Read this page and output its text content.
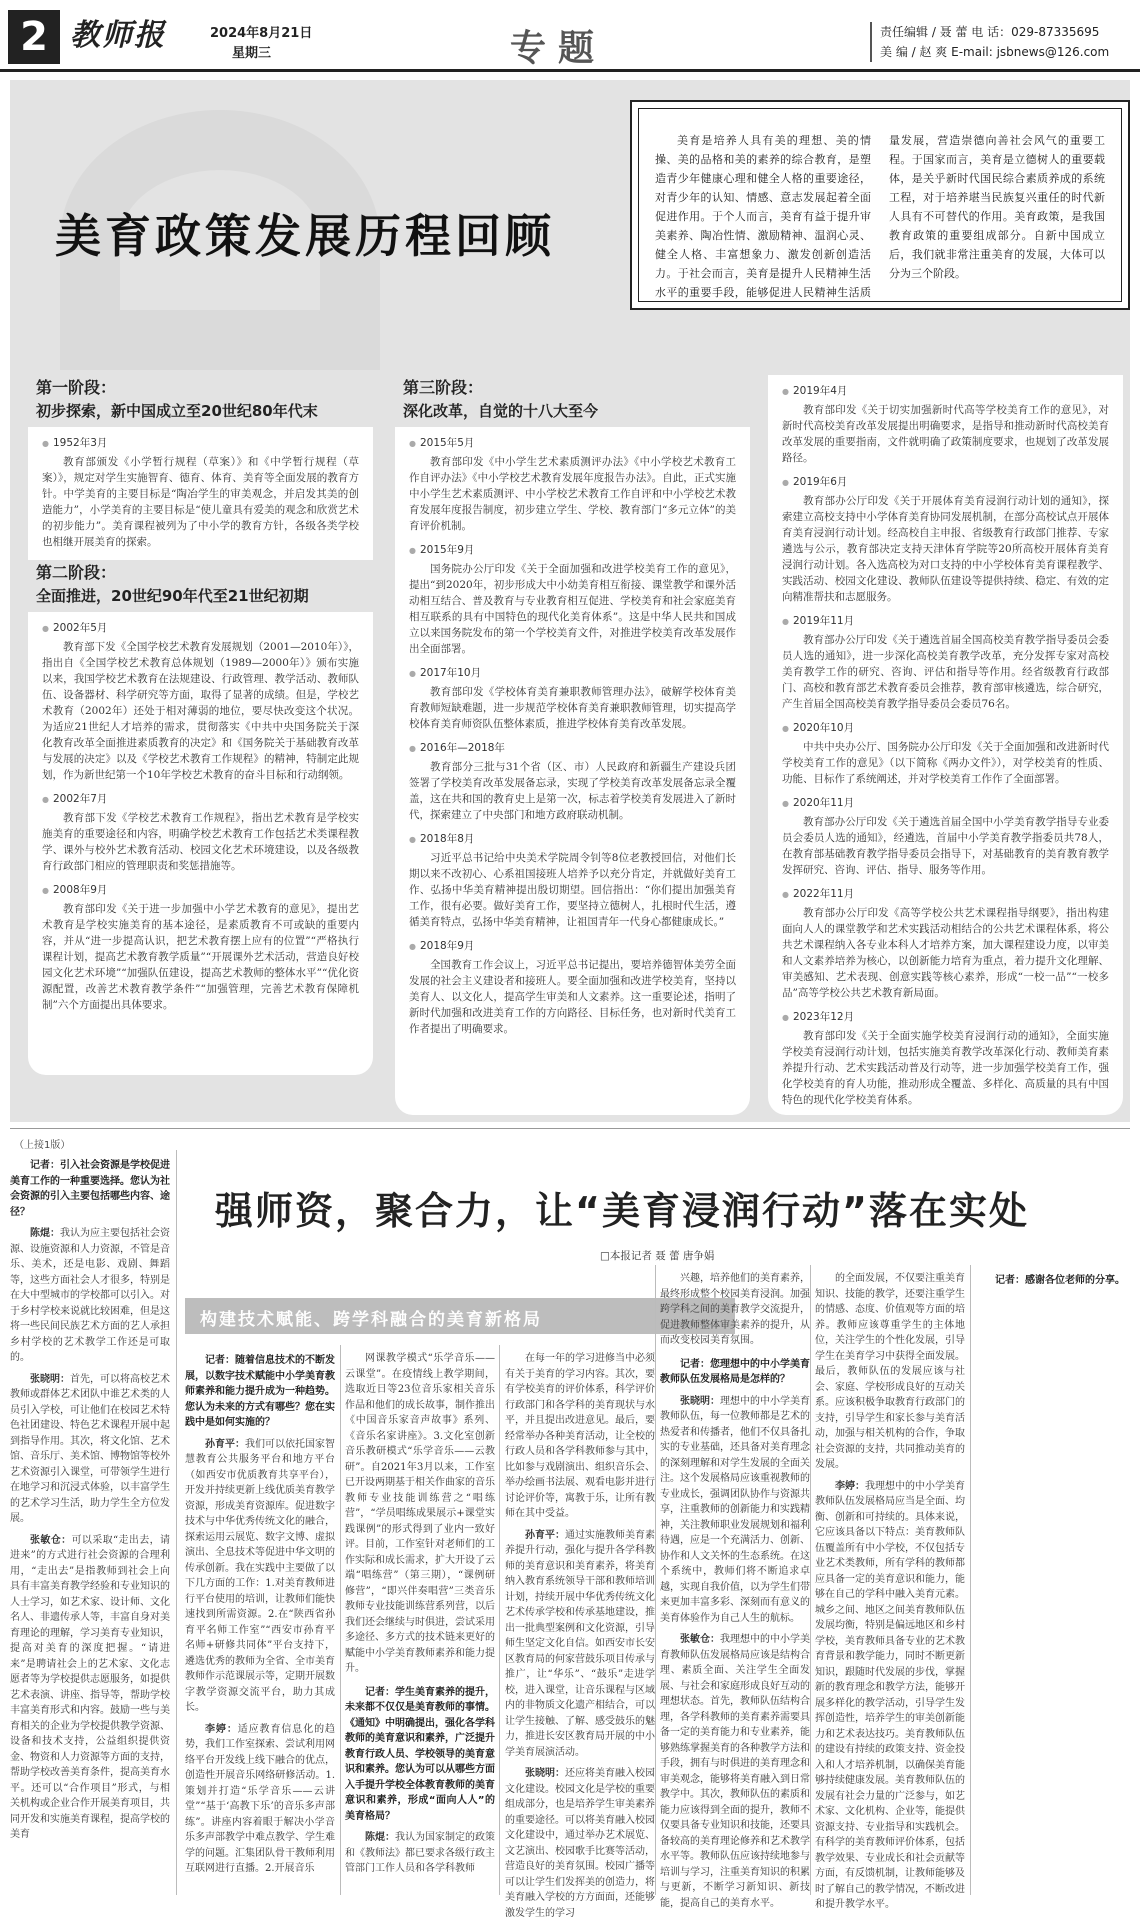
2 教师报	2024年8月21日
星期三	专题	责任编辑 / 聂 蕾 电 话：029-87335695
美 编 / 赵 爽 E-mail: jsbnews@126.com
美育政策发展历程回顾
美育是培养人具有美的理想、美的情操、美的品格和美的素养的综合教育，是塑造青少年健康心理和健全人格的重要途径，对青少年的认知、情感、意志发展起着全面促进作用。于个人而言，美育有益于提升审美素养、陶冶性情、激励精神、温润心灵、健全人格、丰富想象力、激发创新创造活力。于社会而言，美育是提升人民精神生活水平的重要手段，能够促进人民精神生活质量发展，营造崇德向善社会风气的重要工程。于国家而言，美育是立德树人的重要载体，是关乎新时代国民综合素质养成的系统工程，对于培养堪当民族复兴重任的时代新人具有不可替代的作用。美育政策，是我国教育政策的重要组成部分。自新中国成立后，我们就非常注重美育的发展，大体可以分为三个阶段。
第一阶段：
初步探索，新中国成立至20世纪80年代末
● 1952年3月
教育部颁发《小学暂行规程（草案）》和《中学暂行规程（草案）》，规定对学生实施智育、德育、体育、美育等全面发展的教育方针。中学美育的主要目标是“陶冶学生的审美观念，并启发其美的创造能力”，小学美育的主要目标是“使儿童具有爱美的观念和欣赏艺术的初步能力”。美育课程被列为了中小学的教育方针，各级各类学校也相继开展美育的探索。
第二阶段：
全面推进，20世纪90年代至21世纪初期
● 2002年5月
教育部下发《全国学校艺术教育发展规划（2001—2010年）》，指出自《全国学校艺术教育总体规划（1989—2000年）》颁布实施以来，我国学校艺术教育在法规建设、行政管理、教学活动、教师队伍、设备器材、科学研究等方面，取得了显著的成绩。但是，学校艺术教育（2002年）还处于相对薄弱的地位，要尽快改变这个状况。为适应21世纪人才培养的需求，贯彻落实《中共中央国务院关于深化教育改革全面推进素质教育的决定》和《国务院关于基础教育改革与发展的决定》以及《学校艺术教育工作规程》的精神，特制定此规划，作为新世纪第一个10年学校艺术教育的奋斗目标和行动纲领。
● 2002年7月
教育部下发《学校艺术教育工作规程》，指出艺术教育是学校实施美育的重要途径和内容，明确学校艺术教育工作包括艺术类课程教学、课外与校外艺术教育活动、校园文化艺术环境建设，以及各级教育行政部门相应的管理职责和奖惩措施等。
● 2008年9月
教育部印发《关于进一步加强中小学艺术教育的意见》，提出艺术教育是学校实施美育的基本途径，是素质教育不可或缺的重要内容，并从“进一步提高认识，把艺术教育摆上应有的位置”“严格执行课程计划，提高艺术教育教学质量”“开展课外艺术活动，营造良好校园文化艺术环境”“加强队伍建设，提高艺术教师的整体水平”“优化资源配置，改善艺术教育教学条件”“加强管理，完善艺术教育保障机制”六个方面提出具体要求。
第三阶段：
深化改革，自觉的十八大至今
● 2015年5月
教育部印发《中小学生艺术素质测评办法》《中小学校艺术教育工作自评办法》《中小学校艺术教育发展年度报告办法》。自此，正式实施中小学生艺术素质测评、中小学校艺术教育工作自评和中小学校艺术教育发展年度报告制度，初步建立学生、学校、教育部门“多元立体”的美育评价机制。
● 2015年9月
国务院办公厅印发《关于全面加强和改进学校美育工作的意见》，提出“到2020年，初步形成大中小幼美育相互衔接、课堂教学和课外活动相互结合、普及教育与专业教育相互促进、学校美育和社会家庭美育相互联系的具有中国特色的现代化美育体系”。这是中华人民共和国成立以来国务院发布的第一个学校美育文件，对推进学校美育改革发展作出全面部署。
● 2017年10月
教育部印发《学校体育美育兼职教师管理办法》，破解学校体育美育教师短缺难题，进一步规范学校体育美育兼职教师管理，切实提高学校体育美育师资队伍整体素质，推进学校体育美育改革发展。
● 2016年—2018年
教育部分三批与31个省（区、市）人民政府和新疆生产建设兵团签署了学校美育改革发展备忘录，实现了学校美育改革发展备忘录全覆盖，这在共和国的教育史上是第一次，标志着学校美育发展进入了新时代，探索建立了中央部门和地方政府联动机制。
● 2018年8月
习近平总书记给中央美术学院周令钊等8位老教授回信，对他们长期以来不改初心、心系祖国接班人培养予以充分肯定，并就做好美育工作、弘扬中华美育精神提出殷切期望。回信指出：“你们提出加强美育工作，很有必要。做好美育工作，要坚持立德树人，扎根时代生活，遵循美育特点，弘扬中华美育精神，让祖国青年一代身心都健康成长。”
● 2018年9月
全国教育工作会议上，习近平总书记提出，要培养德智体美劳全面发展的社会主义建设者和接班人。要全面加强和改进学校美育，坚持以美育人、以文化人，提高学生审美和人文素养。这一重要论述，指明了新时代加强和改进美育工作的方向路径、目标任务，也对新时代美育工作者提出了明确要求。
● 2019年4月
教育部印发《关于切实加强新时代高等学校美育工作的意见》，对新时代高校美育改革发展提出明确要求，是指导和推动新时代高校美育改革发展的重要指南，文件就明确了政策制度要求，也规划了改革发展路径。
● 2019年6月
教育部办公厅印发《关于开展体育美育浸润行动计划的通知》，探索建立高校支持中小学体育美育协同发展机制，在部分高校试点开展体育美育浸润行动计划。经高校自主申报、省级教育行政部门推荐、专家遴选与公示，教育部决定支持天津体育学院等20所高校开展体育美育浸润行动计划。各入选高校为对口支持的中小学校体育美育课程教学、实践活动、校园文化建设、教师队伍建设等提供持续、稳定、有效的定向精准帮扶和志愿服务。
● 2019年11月
教育部办公厅印发《关于遴选首届全国高校美育教学指导委员会委员人选的通知》，进一步深化高校美育教学改革，充分发挥专家对高校美育教学工作的研究、咨询、评估和指导等作用。经省级教育行政部门、高校和教育部艺术教育委员会推荐，教育部审核遴选，综合研究，产生首届全国高校美育教学指导委员会委员76名。
● 2020年10月
中共中央办公厅、国务院办公厅印发《关于全面加强和改进新时代学校美育工作的意见》（以下简称《两办文件》），对学校美育的性质、功能、目标作了系统阐述，并对学校美育工作作了全面部署。
● 2020年11月
教育部办公厅印发《关于遴选首届全国中小学美育教学指导专业委员会委员人选的通知》，经遴选，首届中小学美育教学指委员共78人，在教育部基础教育教学指导委员会指导下，对基础教育的美育教育教学发挥研究、咨询、评估、指导、服务等作用。
● 2022年11月
教育部办公厅印发《高等学校公共艺术课程指导纲要》，指出构建面向人人的课堂教学和艺术实践活动相结合的公共艺术课程体系，将公共艺术课程纳入各专业本科人才培养方案，加大课程建设力度，以审美和人文素养培养为核心，以创新能力培育为重点，着力提升文化理解、审美感知、艺术表现、创意实践等核心素养，形成“一校一品”“一校多品”高等学校公共艺术教育新局面。
● 2023年12月
教育部印发《关于全面实施学校美育浸润行动的通知》，全面实施学校美育浸润行动计划，包括实施美育教学改革深化行动、教师美育素养提升行动、艺术实践活动普及行动等，进一步加强学校美育工作，强化学校美育的育人功能，推动形成全覆盖、多样化、高质量的具有中国特色的现代化学校美育体系。
（上接1版）
记者：引入社会资源是学校促进美育工作的一种重要选择。您认为社会资源的引入主要包括哪些内容、途径？
陈焜：我认为应主要包括社会资源、设施资源和人力资源，不管是音乐、美术，还是电影、戏剧、舞蹈等，这些方面社会人才很多，特别是在大中型城市的学校都可以引入。对于乡村学校来说就比较困难，但是这将一些民间民族艺术方面的艺人承担乡村学校的艺术教学工作还是可取的。
张晓明：首先，可以将高校艺术教师或群体艺术团队中谁艺术类的人员引入学校，可让他们在校园艺术特色社团建设、特色艺术课程开展中起到指导作用。其次，将文化馆、艺术馆、音乐厅、美术馆、博物馆等校外艺术资源引入课堂，可带领学生进行在地学习和沉浸式体验，以丰富学生的艺术学习生活，助力学生全方位发展。
张敏仓：可以采取“走出去，请进来”的方式进行社会资源的合理利用，“走出去”是指教师到社会上向具有丰富美育教学经验和专业知识的人士学习，如艺术家、设计师、文化名人、非遗传承人等，丰富自身对美育理论的理解，学习美育专业知识，提高对美育的深度把握。“请进来”是聘请社会上的艺术家、文化志愿者等为学校提供志愿服务，如提供艺术表演、讲座、指导等，帮助学校丰富美育形式和内容。鼓励一些与美育相关的企业为学校提供教学资源、设备和技术支持，公益组织提供资金、物资和人力资源等方面的支持，帮助学校改善美育条件，提高美育水平。还可以“合作项目”形式，与相关机构或企业合作开展美育项目，共同开发和实施美育课程，提高学校的美育
强师资，聚合力，让“美育浸润行动”落在实处
□本报记者 聂 蕾 唐争娟
构建技术赋能、跨学科融合的美育新格局
记者：随着信息技术的不断发展，以数字技术赋能中小学美育教师素养和能力提升成为一种趋势。您认为未来的方式有哪些？您在实践中是如何实施的？
孙育平：我们可以依托国家智慧教育公共服务平台和地方平台（如西安市优质教育共享平台），开发并持续更新上线优质美育教学资源，形成美育资源库。促进数字技术与中华优秀传统文化的融合，探索运用云展览、数字文博、虚拟演出、全息技术等促进中华文明的传承创新。我在实践中主要做了以下几方面的工作：1.对美育教师进行平台使用的培训，让教师们能快速找到所需资源。2.在“陕西省孙育平名师工作室”“西安市孙育平名师+研修共同体”平台支持下，遴选优秀的教师为全省、全市美育教师作示范课展示等，定期开展数字教学资源交流平台，助力其成长。
李婷：适应教育信息化的趋势，我们工作室探索、尝试利用网络平台开发线上线下融合的优点，创造性开展音乐网络研修活动。1.策划并打造“乐学音乐——云讲堂”“基于‘高教下乐’的音乐多声部练”。讲座内容着眼于解决小学音乐多声部教学中难点教学、学生难学的问题。汇集团队骨干教师利用互联网进行直播。2.开展音乐
网课教学模式“乐学音乐——云课堂”。在疫情线上教学期间，选取近日等23位音乐家相关音乐作品和他们的成长故事，制作推出《中国音乐家音声故事》系列、《音乐名家讲座》。3.文化室创新音乐教研模式“乐学音乐——云教研”。自2021年3月以来，工作室已开设两期基于相关作曲家的音乐教师专业技能训练营之“唱练营”，“学员唱练成果展示+课堂实践课例”的形式得到了业内一致好评。目前，工作室针对老师们的工作实际和成长需求，扩大开设了云端“唱练营”（第三期），“课例研修营”，“即兴伴奏唱营”三类音乐教师专业技能训练营系列营，以后我们还会继续与时俱进，尝试采用多途径、多方式的技术链来更好的赋能中小学美育教师素养和能力提升。
记者：学生美育素养的提升，未来都不仅仅是美育教师的事情。《通知》中明确提出，强化各学科教师的美育意识和素养，广泛提升教育行政人员、学校领导的美育意识和素养。您认为可以从哪些方面入手提升学校全体教育教师的美育意识和素养，形成“面向人人”的美育格局？
陈焜：我认为国家制定的政策和《教师法》都已要求各级行政主管部门工作人员和各学科教师
在每一年的学习进修当中必须有关于美育的学习内容。其次，要有学校美育的评价体系，科学评价行政部门和各学科的美育现状与水平，并且提出改进意见。最后，要经常举办各种美育活动，让全校的行政人员和各学科教师参与其中，比如参与戏剧演出、组织音乐会、举办绘画书法展、观看电影并进行讨论评价等，寓教于乐，让所有教师在其中受益。
孙育平：通过实施教师美育素养提升行动，强化与提升各学科教师的美育意识和美育素养，将美育纳入教育系统领导干部和教师培训计划，持续开展中华优秀传统文化艺术传承学校和传承基地建设，推出一批典型案例和文化资源，引导师生坚定文化自信。如西安市长安区教育局的何家营鼓乐项目传承与推广，让“华乐”、“鼓乐”走进学校，进入课堂，让音乐课程与区域内的非物质文化遗产相结合，可以让学生接触、了解、感受鼓乐的魅力，推进长安区教育局开展的中小学美育展演活动。
张晓明：还应将美育融入校园文化建设。校园文化是学校的重要组成部分，也是培养学生审美素养的重要途径。可以将美育融入校园文化建设中，通过举办艺术展览、文艺演出、校园歌手比赛等活动，营造良好的美育氛围。校园广播等可以让学生们发挥美的创造力，将美育融入学校的方方面面，还能够激发学生的学习
兴趣，培养他们的美育素养，最终形成整个校园美育浸润。加强跨学科之间的美育教学交流提升，促进教师整体审美素养的提升，从而改变校园美育氛围。
记者：您理想中的中小学美育教师队伍发展格局是怎样的？
张晓明：理想中的中小学美育教师队伍，每一位教师都是艺术的热爱者和传播者，他们不仅具备扎实的专业基础，还具备对美育理念的深刻理解和对学生发展的全面关注。这个发展格局应该重视教师的专业成长，强调团队协作与资源共享，注重教师的创新能力和实践精神，关注教师职业发展规划和福利待遇，应是一个充满活力、创新、协作和人文关怀的生态系统。在这个系统中，教师们将不断追求卓越，实现自我价值，以为学生们带来更加丰富多彩、深刻而有意义的美育体验作为自己人生的航标。
张敏仓：我理想中的中小学美育教师队伍发展格局应该是结构合理、素质全面、关注学生全面发展、与社会和家庭形成良好互动的理想状态。首先，教师队伍结构合理，各学科教师的美育素养需要具备一定的美育能力和专业素养，能够熟练掌握美育的各种教学方法和手段，拥有与时俱进的美育理念和审美观念，能够将美育融入到日常教学中。其次，教师队伍的素质和能力应该得到全面的提升，教师不仅要具备专业知识和技能，还要具备较高的美育理论修养和艺术教学水平等。教师队伍应该持续地参与培训与学习，注重美育知识的积累与更新，不断学习新知识、新技能，提高自己的美育水平。
的全面发展，不仅要注重美育知识、技能的教学，还要注重学生的情感、态度、价值观等方面的培养。教师应该尊重学生的主体地位，关注学生的个性化发展，引导学生在美育学习中获得全面发展。最后，教师队伍的发展应该与社会、家庭、学校形成良好的互动关系。应该积极争取教育行政部门的支持，引导学生和家长参与美育活动，加强与相关机构的合作，争取社会资源的支持，共同推动美育的发展。
李婷：我理想中的中小学美育教师队伍发展格局应当是全面、均衡、创新和可持续的。具体来说，它应该具备以下特点：美育教师队伍覆盖所有中小学校，不仅包括专业艺术类教师，所有学科的教师都应具备一定的美育意识和能力，能够在自己的学科中融入美育元素。城乡之间、地区之间美育教师队伍发展均衡，特别是偏远地区和乡村学校，美育教师具备专业的艺术教育背景和教学能力，同时不断更新知识，跟随时代发展的步伐，掌握新的教育理念和教学方法，能够开展多样化的教学活动，引导学生发挥创造性，培养学生的审美创新能力和艺术表达技巧。美育教师队伍的建设有持续的政策支持、资金投入和人才培养机制，以确保美育能够持续健康发展。美育教师队伍的发展有社会力量的广泛参与，如艺术家、文化机构、企业等，能提供资源支持、专业指导和实践机会。有科学的美育教师评价体系，包括教学效果、专业成长和社会贡献等方面，有反馈机制，让教师能够及时了解自己的教学情况，不断改进和提升教学水平。
记者：感谢各位老师的分享。
